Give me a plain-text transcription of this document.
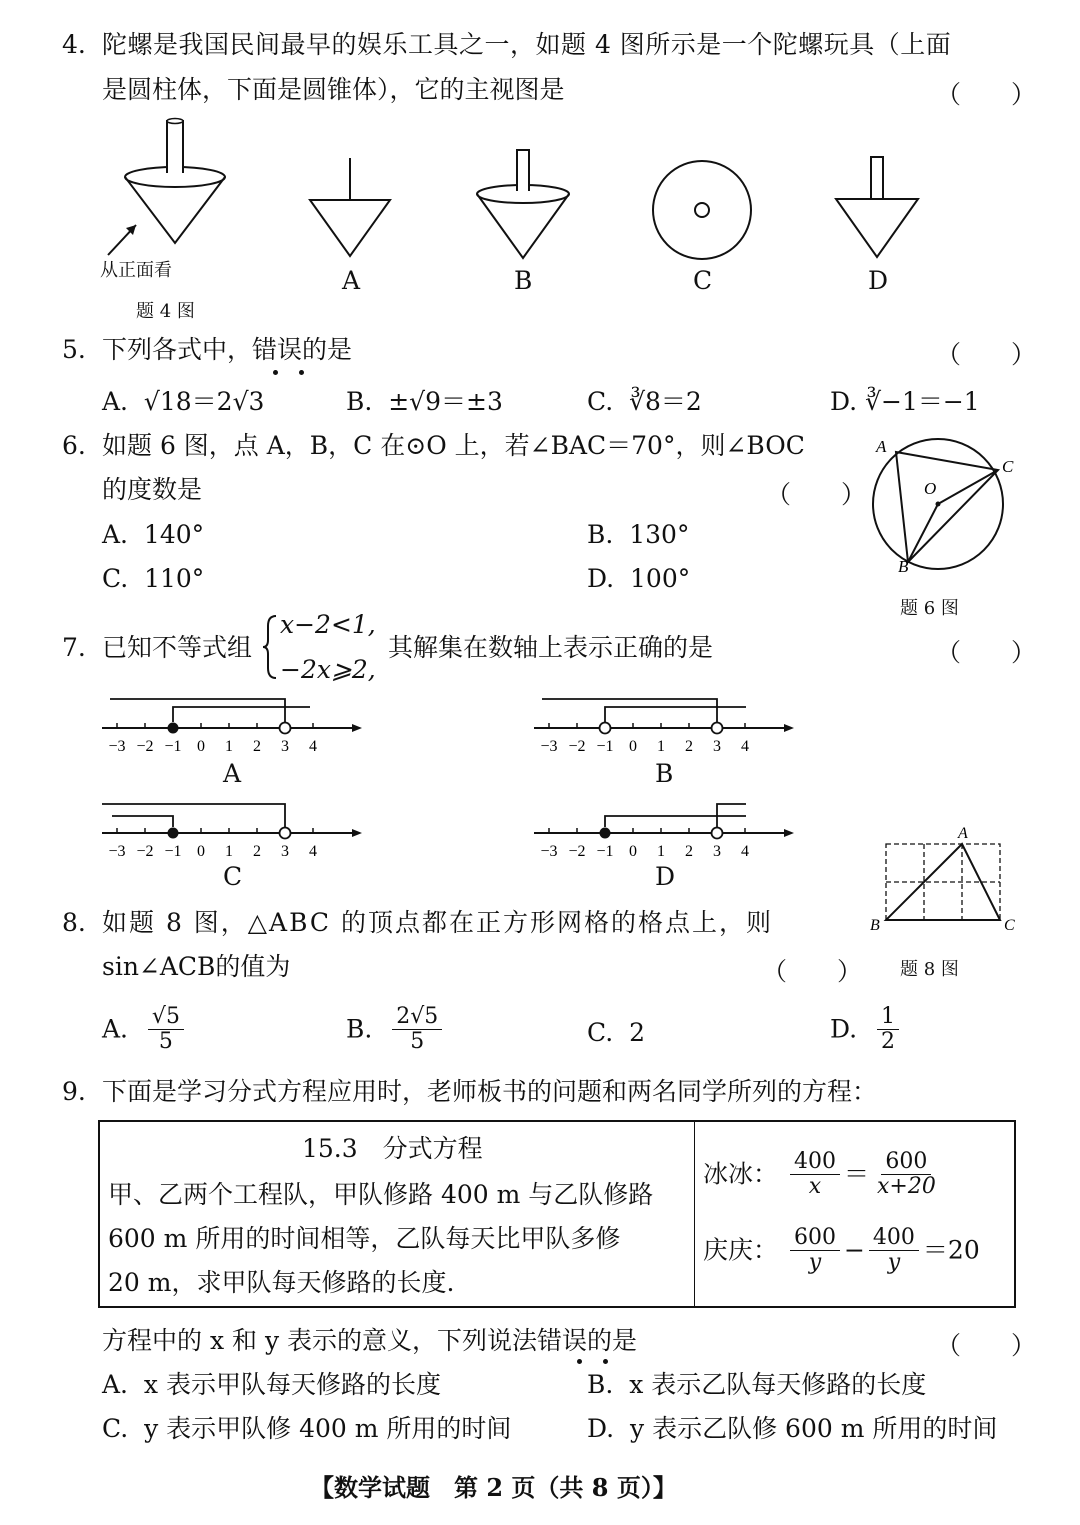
4. 陀螺是我国民间最早的娱乐工具之一，如题 4 图所示是一个陀螺玩具（上面
是圆柱体，下面是圆锥体），它的主视图是	（　　）
从正面看
题 4 图
A	B	C	D
5. 下列各式中，错误的是	（　　）
A. √18＝2√3	B. ±√9＝±3	C. ∛8＝2	D. ∛−1＝−1
6. 如题 6 图，点 A，B，C 在⊙O 上，若∠BAC＝70°，则∠BOC
的度数是	（　　）
A. 140°	B. 130°
C. 110°	D. 100°
A
C
O
B
题 6 图
7. 已知不等式组
x−2<1,
−2x⩾2,
其解集在数轴上表示正确的是	（　　）
−3 −2 −1 0 1 2 3 4
A
−3 −2 −1 0 1 2 3 4
B
−3 −2 −1 0 1 2 3 4
C
−3 −2 −1 0 1 2 3 4
D
8. 如题 8 图，△ABC 的顶点都在正方形网格的格点上，则
sin∠ACB的值为	（　　）
A
B	C
题 8 图
A. $\frac{√5}{5}$	B. $\frac{2√5}{5}$	C. 2	D. $\frac{1}{2}$
9. 下面是学习分式方程应用时，老师板书的问题和两名同学所列的方程：
15.3　分式方程
甲、乙两个工程队，甲队修路 400 m 与乙队修路
600 m 所用的时间相等，乙队每天比甲队多修
20 m，求甲队每天修路的长度.
冰冰： $\frac{400}{x} = \frac{600}{x+20}$
庆庆： $\frac{600}{y} - \frac{400}{y} =20$
方程中的 x 和 y 表示的意义，下列说法错误的是	（　　）
A. x 表示甲队每天修路的长度	B. x 表示乙队每天修路的长度
C. y 表示甲队修 400 m 所用的时间	D. y 表示乙队修 600 m 所用的时间
【数学试题　第 2 页（共 8 页）】
